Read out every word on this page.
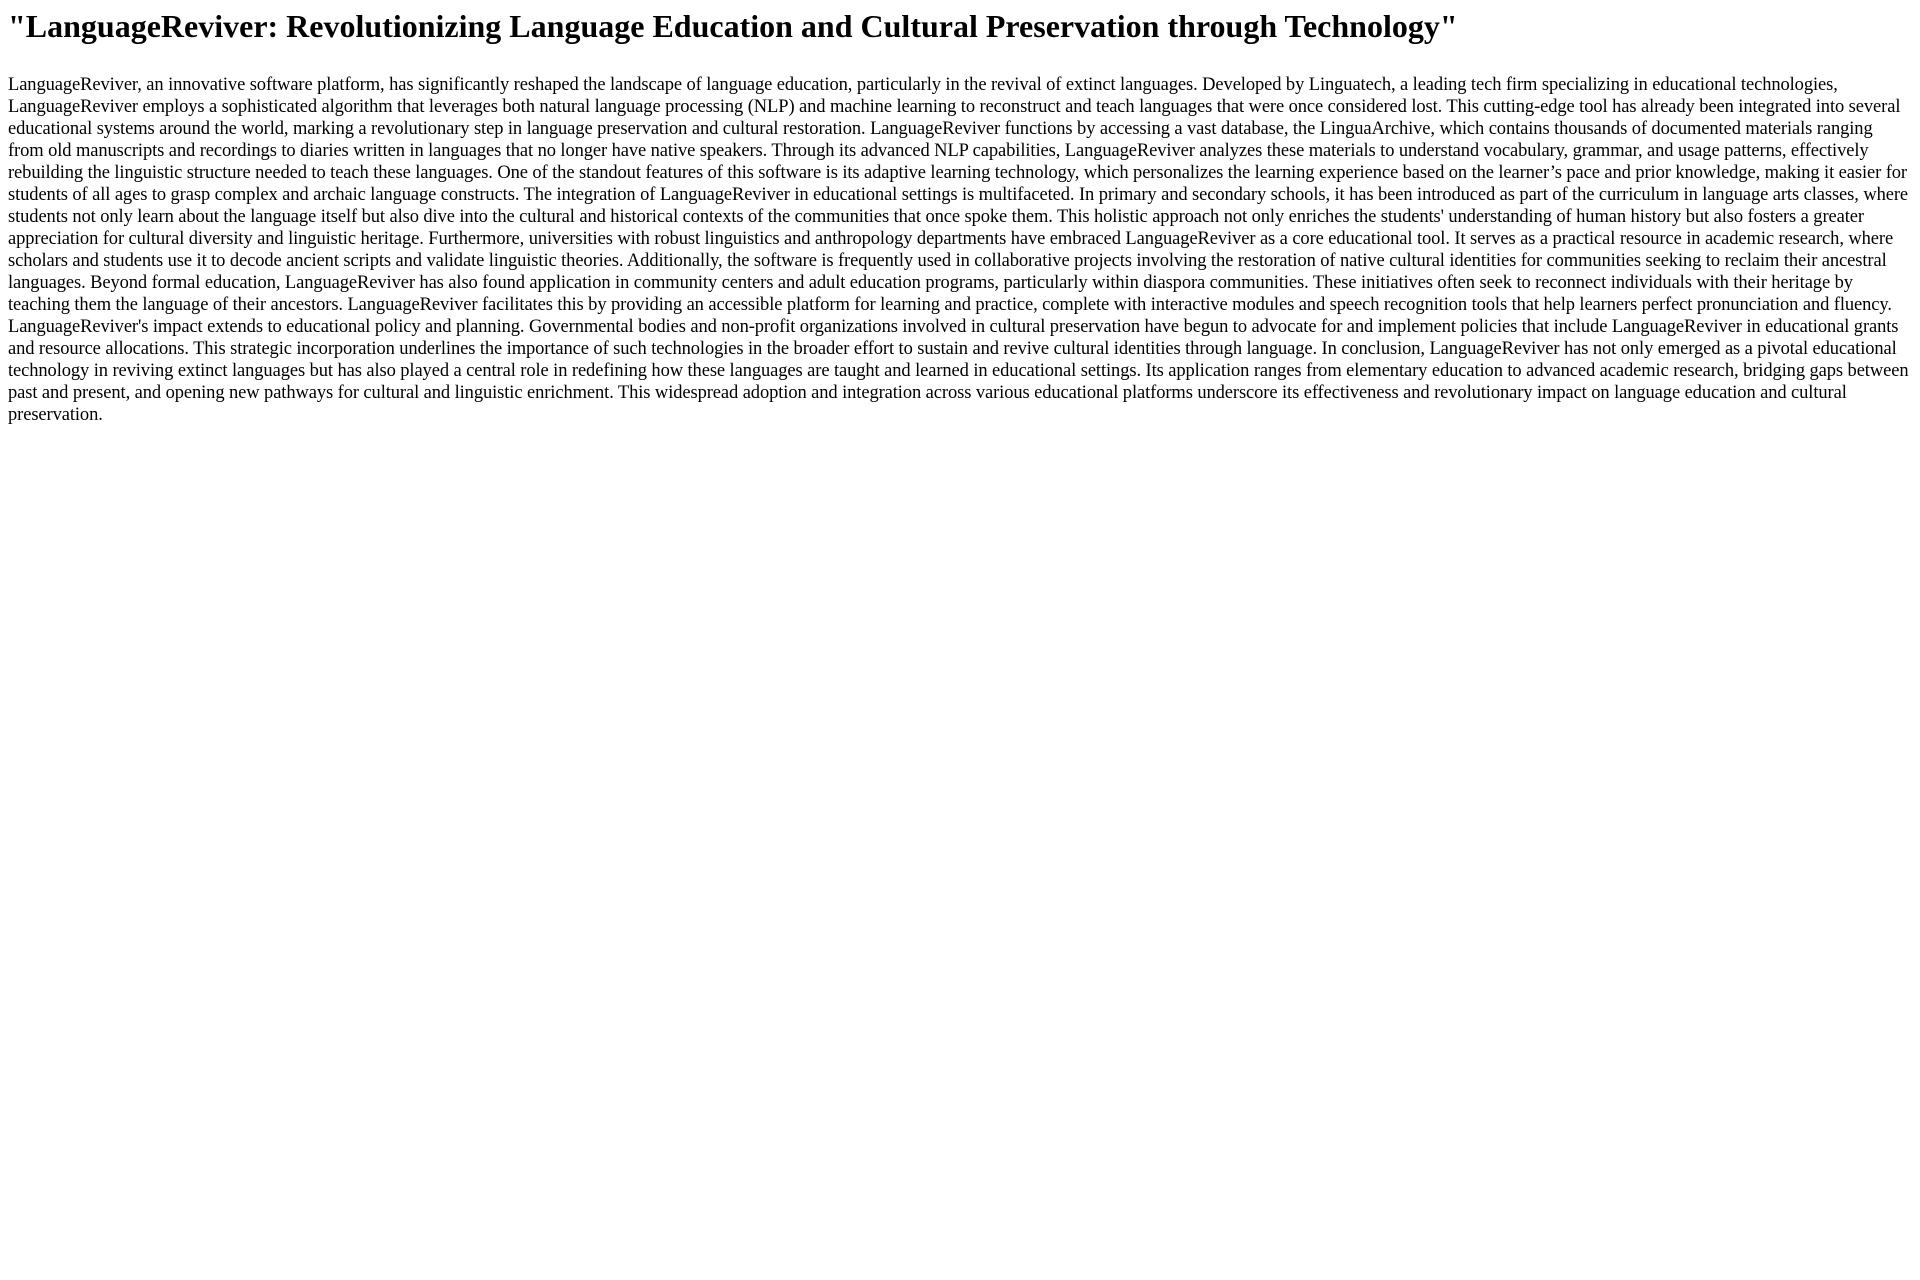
"LanguageReviver: Revolutionizing Language Education and Cultural Preservation through Technology"

LanguageReviver, an innovative software platform, has significantly reshaped the landscape of language education, particularly in the revival of extinct languages. Developed by Linguatech, a leading tech firm specializing in educational technologies, LanguageReviver employs a sophisticated algorithm that leverages both natural language processing (NLP) and machine learning to reconstruct and teach languages that were once considered lost. This cutting-edge tool has already been integrated into several educational systems around the world, marking a revolutionary step in language preservation and cultural restoration. LanguageReviver functions by accessing a vast database, the LinguaArchive, which contains thousands of documented materials ranging from old manuscripts and recordings to diaries written in languages that no longer have native speakers. Through its advanced NLP capabilities, LanguageReviver analyzes these materials to understand vocabulary, grammar, and usage patterns, effectively rebuilding the linguistic structure needed to teach these languages. One of the standout features of this software is its adaptive learning technology, which personalizes the learning experience based on the learner’s pace and prior knowledge, making it easier for students of all ages to grasp complex and archaic language constructs. The integration of LanguageReviver in educational settings is multifaceted. In primary and secondary schools, it has been introduced as part of the curriculum in language arts classes, where students not only learn about the language itself but also dive into the cultural and historical contexts of the communities that once spoke them. This holistic approach not only enriches the students' understanding of human history but also fosters a greater appreciation for cultural diversity and linguistic heritage. Furthermore, universities with robust linguistics and anthropology departments have embraced LanguageReviver as a core educational tool. It serves as a practical resource in academic research, where scholars and students use it to decode ancient scripts and validate linguistic theories. Additionally, the software is frequently used in collaborative projects involving the restoration of native cultural identities for communities seeking to reclaim their ancestral languages. Beyond formal education, LanguageReviver has also found application in community centers and adult education programs, particularly within diaspora communities. These initiatives often seek to reconnect individuals with their heritage by teaching them the language of their ancestors. LanguageReviver facilitates this by providing an accessible platform for learning and practice, complete with interactive modules and speech recognition tools that help learners perfect pronunciation and fluency. LanguageReviver's impact extends to educational policy and planning. Governmental bodies and non-profit organizations involved in cultural preservation have begun to advocate for and implement policies that include LanguageReviver in educational grants and resource allocations. This strategic incorporation underlines the importance of such technologies in the broader effort to sustain and revive cultural identities through language. In conclusion, LanguageReviver has not only emerged as a pivotal educational technology in reviving extinct languages but has also played a central role in redefining how these languages are taught and learned in educational settings. Its application ranges from elementary education to advanced academic research, bridging gaps between past and present, and opening new pathways for cultural and linguistic enrichment. This widespread adoption and integration across various educational platforms underscore its effectiveness and revolutionary impact on language education and cultural preservation.
